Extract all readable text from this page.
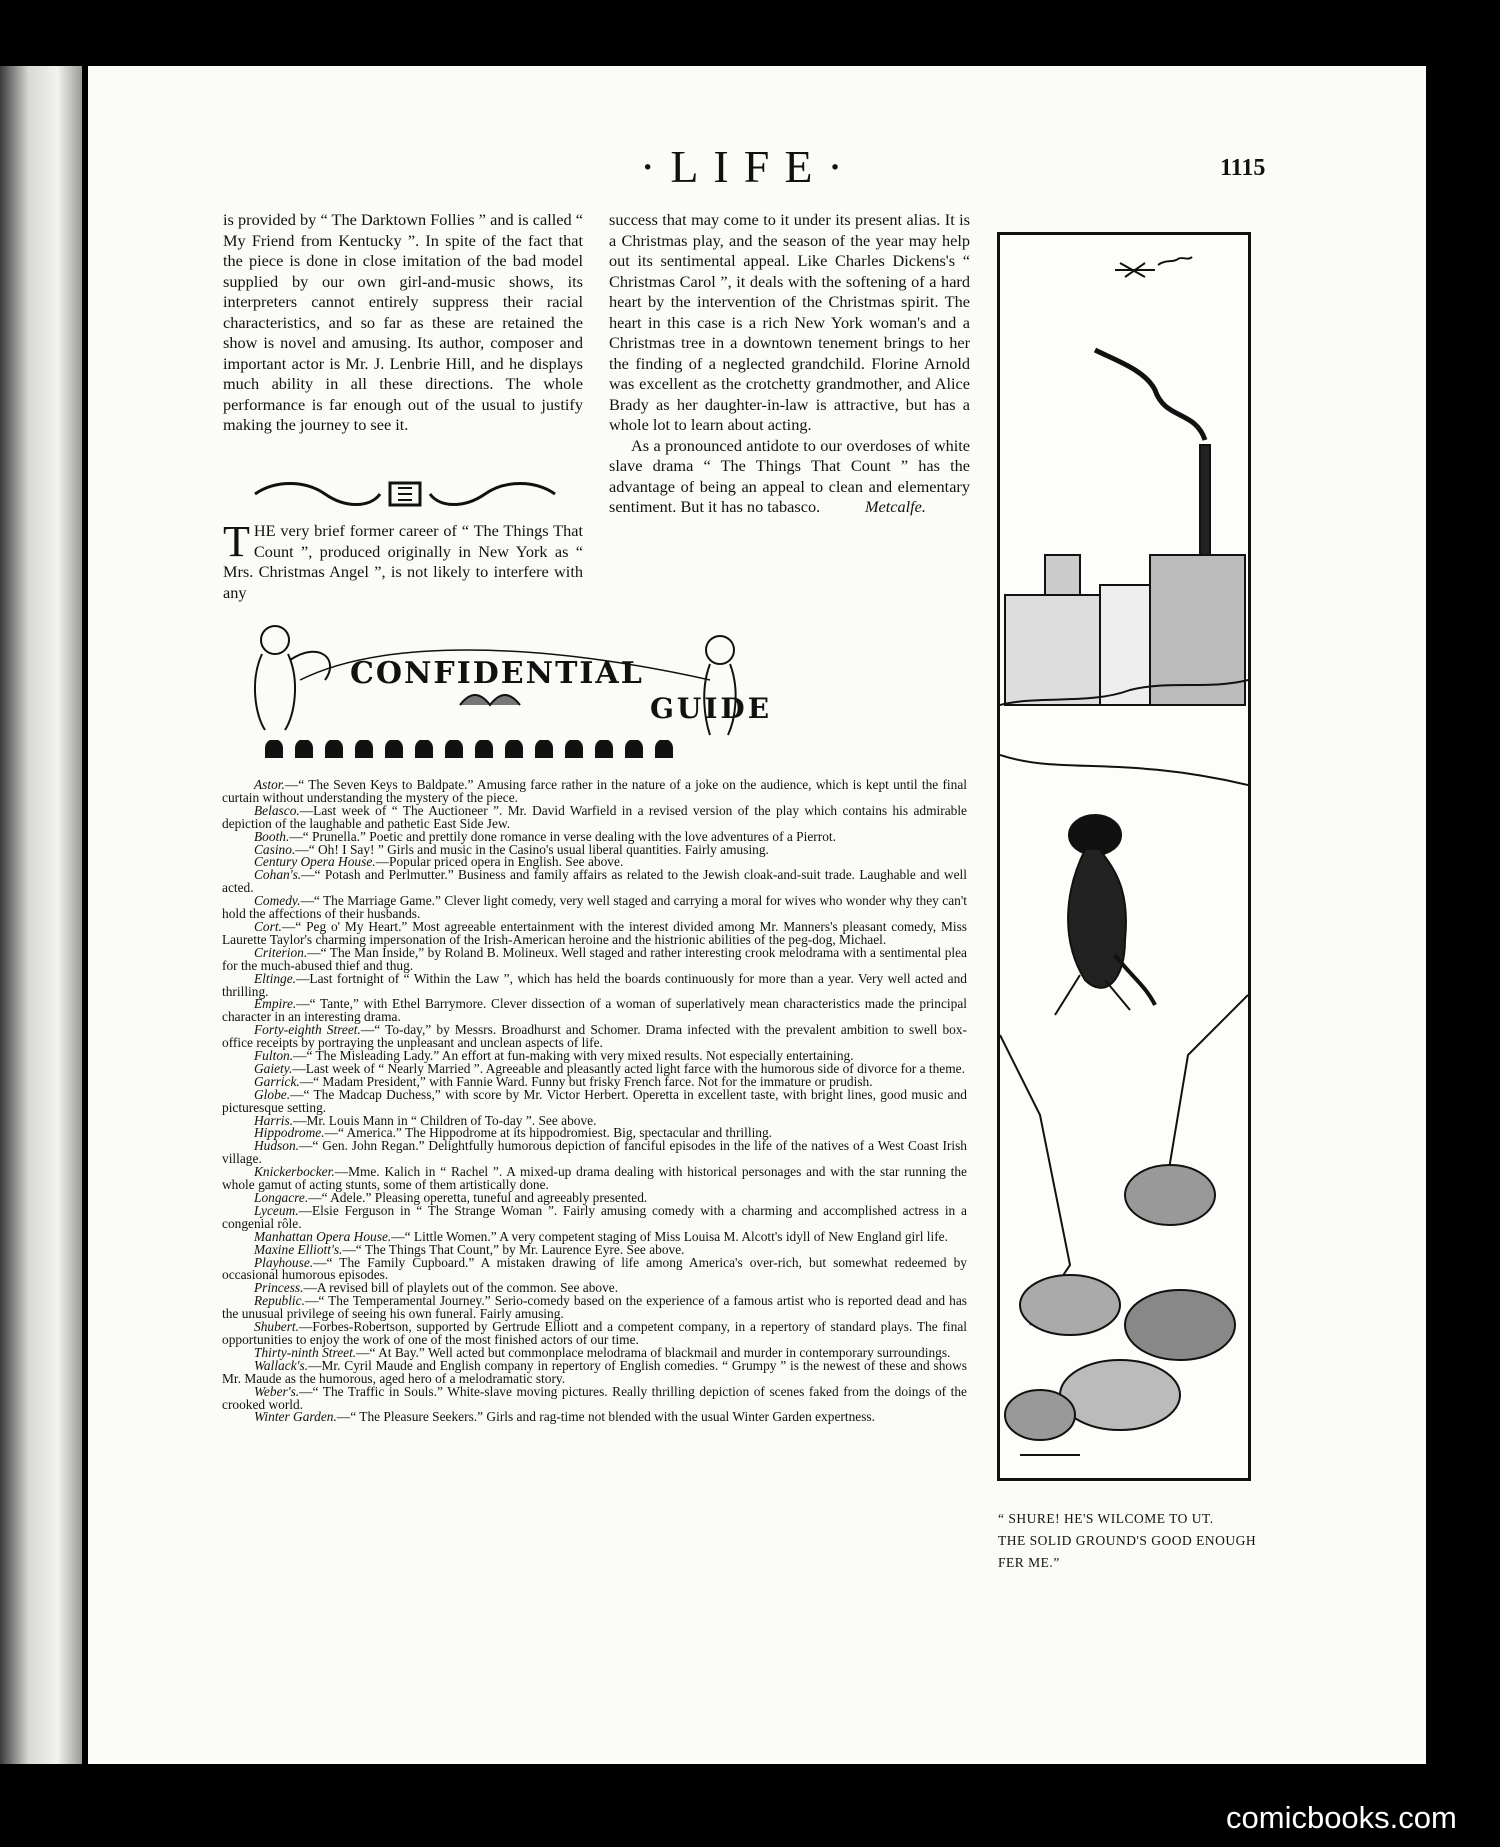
·LIFE·	1115

is provided by “ The Darktown Follies ” and is called “ My Friend from Kentucky ”. In spite of the fact that the piece is done in close imitation of the bad model supplied by our own girl-and-music shows, its interpreters cannot entirely suppress their racial characteristics, and so far as these are retained the show is novel and amusing. Its author, composer and important actor is Mr. J. Lenbrie Hill, and he displays much ability in all these directions. The whole performance is far enough out of the usual to justify making the journey to see it.

THE very brief former career of “ The Things That Count ”, produced originally in New York as “ Mrs. Christmas Angel ”, is not likely to interfere with any

success that may come to it under its present alias. It is a Christmas play, and the season of the year may help out its sentimental appeal. Like Charles Dickens's “ Christmas Carol ”, it deals with the softening of a hard heart by the intervention of the Christmas spirit. The heart in this case is a rich New York woman's and a Christmas tree in a downtown tenement brings to her the finding of a neglected grandchild. Florine Arnold was excellent as the crotchetty grandmother, and Alice Brady as her daughter-in-law is attractive, but has a whole lot to learn about acting.

As a pronounced antidote to our overdoses of white slave drama “ The Things That Count ” has the advantage of being an appeal to clean and elementary sentiment. But it has no tabasco.	Metcalfe.

CONFIDENTIAL
GUIDE

Astor.—“ The Seven Keys to Baldpate.” Amusing farce rather in the nature of a joke on the audience, which is kept until the final curtain without understanding the mystery of the piece.

Belasco.—Last week of “ The Auctioneer ”. Mr. David Warfield in a revised version of the play which contains his admirable depiction of the laughable and pathetic East Side Jew.

Booth.—“ Prunella.” Poetic and prettily done romance in verse dealing with the love adventures of a Pierrot.

Casino.—“ Oh! I Say! ” Girls and music in the Casino's usual liberal quantities. Fairly amusing.

Century Opera House.—Popular priced opera in English. See above.

Cohan's.—“ Potash and Perlmutter.” Business and family affairs as related to the Jewish cloak-and-suit trade. Laughable and well acted.

Comedy.—“ The Marriage Game.” Clever light comedy, very well staged and carrying a moral for wives who wonder why they can't hold the affections of their husbands.

Cort.—“ Peg o' My Heart.” Most agreeable entertainment with the interest divided among Mr. Manners's pleasant comedy, Miss Laurette Taylor's charming impersonation of the Irish-American heroine and the histrionic abilities of the peg-dog, Michael.

Criterion.—“ The Man Inside,” by Roland B. Molineux. Well staged and rather interesting crook melodrama with a sentimental plea for the much-abused thief and thug.

Eltinge.—Last fortnight of “ Within the Law ”, which has held the boards continuously for more than a year. Very well acted and thrilling.

Empire.—“ Tante,” with Ethel Barrymore. Clever dissection of a woman of superlatively mean characteristics made the principal character in an interesting drama.

Forty-eighth Street.—“ To-day,” by Messrs. Broadhurst and Schomer. Drama infected with the prevalent ambition to swell box-office receipts by portraying the unpleasant and unclean aspects of life.

Fulton.—“ The Misleading Lady.” An effort at fun-making with very mixed results. Not especially entertaining.

Gaiety.—Last week of “ Nearly Married ”. Agreeable and pleasantly acted light farce with the humorous side of divorce for a theme.

Garrick.—“ Madam President,” with Fannie Ward. Funny but frisky French farce. Not for the immature or prudish.

Globe.—“ The Madcap Duchess,” with score by Mr. Victor Herbert. Operetta in excellent taste, with bright lines, good music and picturesque setting.

Harris.—Mr. Louis Mann in “ Children of To-day ”. See above.

Hippodrome.—“ America.” The Hippodrome at its hippodromiest. Big, spectacular and thrilling.

Hudson.—“ Gen. John Regan.” Delightfully humorous depiction of fanciful episodes in the life of the natives of a West Coast Irish village.

Knickerbocker.—Mme. Kalich in “ Rachel ”. A mixed-up drama dealing with historical personages and with the star running the whole gamut of acting stunts, some of them artistically done.

Longacre.—“ Adele.” Pleasing operetta, tuneful and agreeably presented.

Lyceum.—Elsie Ferguson in “ The Strange Woman ”. Fairly amusing comedy with a charming and accomplished actress in a congenial rôle.

Manhattan Opera House.—“ Little Women.” A very competent staging of Miss Louisa M. Alcott's idyll of New England girl life.

Maxine Elliott's.—“ The Things That Count,” by Mr. Laurence Eyre. See above.

Playhouse.—“ The Family Cupboard.” A mistaken drawing of life among America's over-rich, but somewhat redeemed by occasional humorous episodes.

Princess.—A revised bill of playlets out of the common. See above.

Republic.—“ The Temperamental Journey.” Serio-comedy based on the experience of a famous artist who is reported dead and has the unusual privilege of seeing his own funeral. Fairly amusing.

Shubert.—Forbes-Robertson, supported by Gertrude Elliott and a competent company, in a repertory of standard plays. The final opportunities to enjoy the work of one of the most finished actors of our time.

Thirty-ninth Street.—“ At Bay.” Well acted but commonplace melodrama of blackmail and murder in contemporary surroundings.

Wallack's.—Mr. Cyril Maude and English company in repertory of English comedies. “ Grumpy ” is the newest of these and shows Mr. Maude as the humorous, aged hero of a melodramatic story.

Weber's.—“ The Traffic in Souls.” White-slave moving pictures. Really thrilling depiction of scenes faked from the doings of the crooked world.

Winter Garden.—“ The Pleasure Seekers.” Girls and rag-time not blended with the usual Winter Garden expertness.

“ SHURE! HE'S WILCOME TO UT.
THE SOLID GROUND'S GOOD ENOUGH
FER ME.”
comicbooks.com
